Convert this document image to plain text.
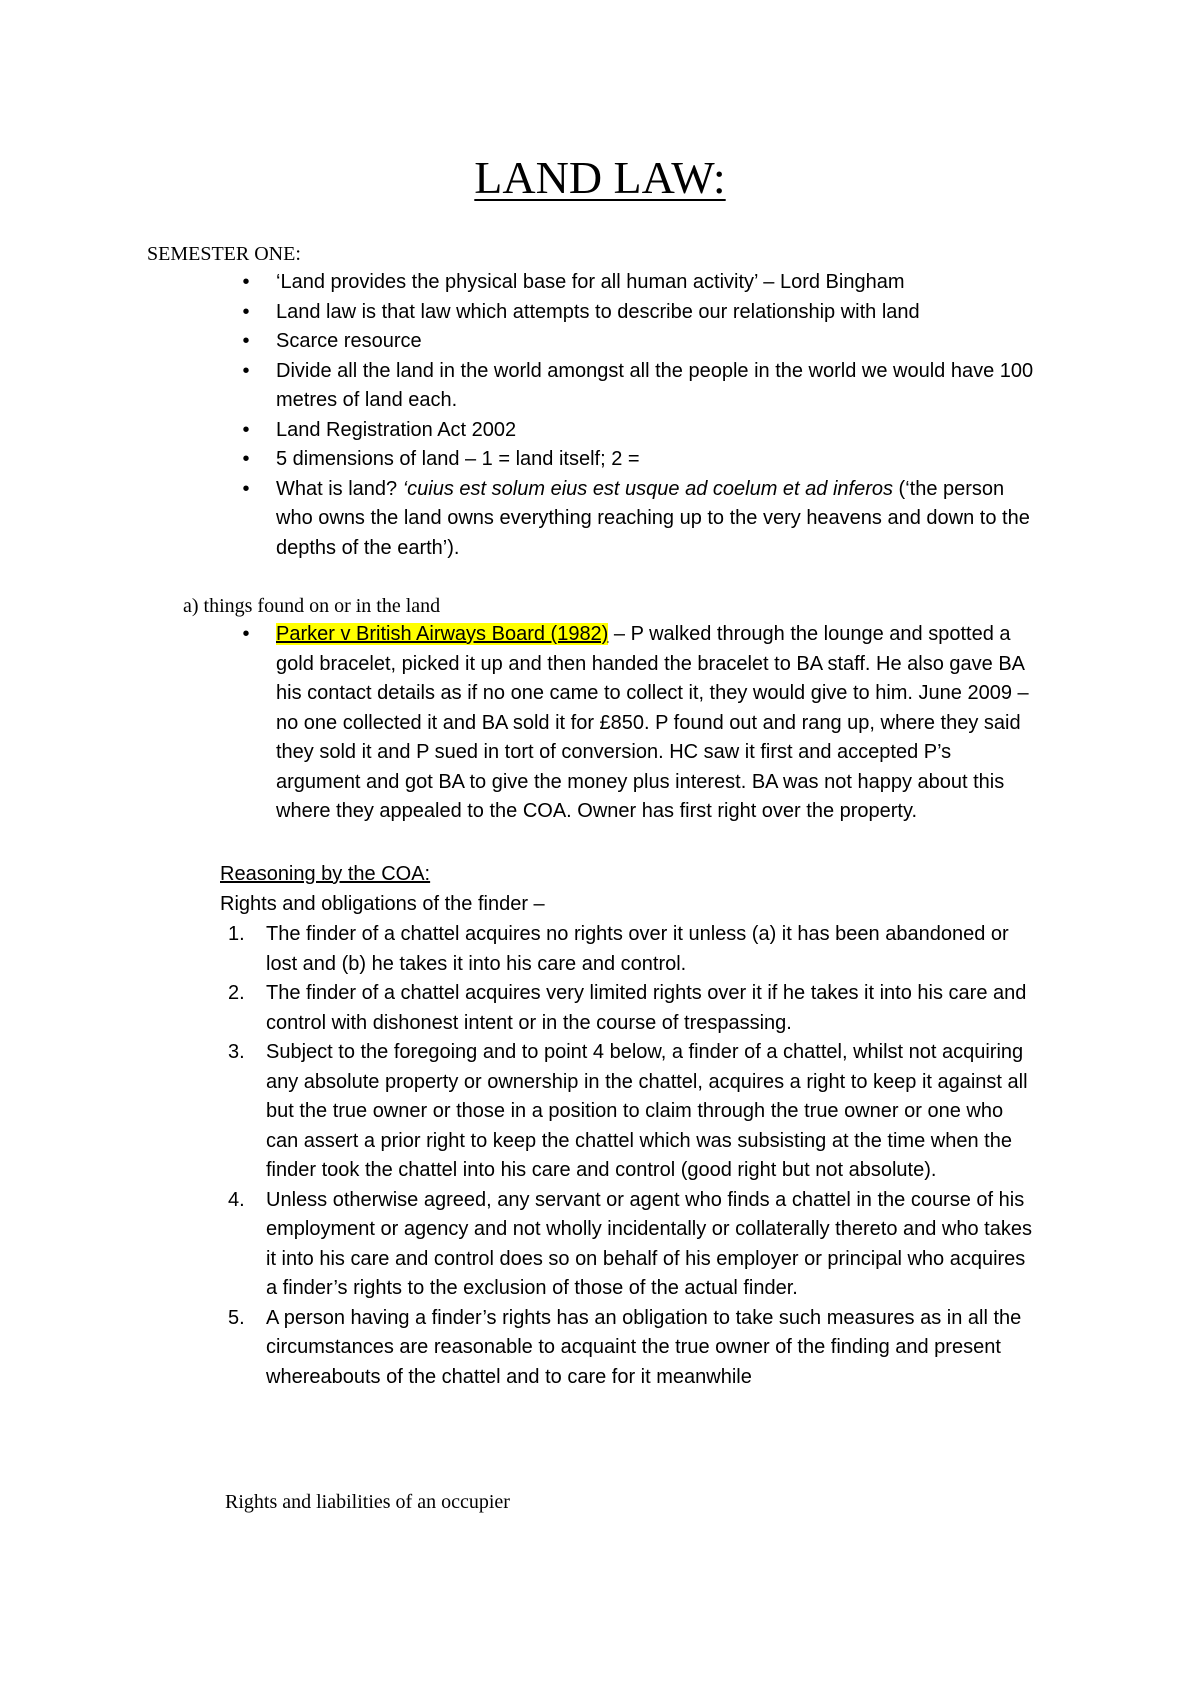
LAND LAW:
SEMESTER ONE:
•	‘Land provides the physical base for all human activity’ – Lord Bingham
•	Land law is that law which attempts to describe our relationship with land
•	Scarce resource
•	Divide all the land in the world amongst all the people in the world we would have 100 metres of land each.
•	Land Registration Act 2002
•	5 dimensions of land – 1 = land itself; 2 =
•	What is land? ‘cuius est solum eius est usque ad coelum et ad inferos (‘the person who owns the land owns everything reaching up to the very heavens and down to the depths of the earth’).
a) things found on or in the land
•	Parker v British Airways Board (1982) – P walked through the lounge and spotted a gold bracelet, picked it up and then handed the bracelet to BA staff. He also gave BA his contact details as if no one came to collect it, they would give to him. June 2009 – no one collected it and BA sold it for £850. P found out and rang up, where they said they sold it and P sued in tort of conversion. HC saw it first and accepted P’s argument and got BA to give the money plus interest. BA was not happy about this where they appealed to the COA. Owner has first right over the property.
Reasoning by the COA:
Rights and obligations of the finder –
1. The finder of a chattel acquires no rights over it unless (a) it has been abandoned or lost and (b) he takes it into his care and control.
2. The finder of a chattel acquires very limited rights over it if he takes it into his care and control with dishonest intent or in the course of trespassing.
3. Subject to the foregoing and to point 4 below, a finder of a chattel, whilst not acquiring any absolute property or ownership in the chattel, acquires a right to keep it against all but the true owner or those in a position to claim through the true owner or one who can assert a prior right to keep the chattel which was subsisting at the time when the finder took the chattel into his care and control (good right but not absolute).
4. Unless otherwise agreed, any servant or agent who finds a chattel in the course of his employment or agency and not wholly incidentally or collaterally thereto and who takes it into his care and control does so on behalf of his employer or principal who acquires a finder’s rights to the exclusion of those of the actual finder.
5. A person having a finder’s rights has an obligation to take such measures as in all the circumstances are reasonable to acquaint the true owner of the finding and present whereabouts of the chattel and to care for it meanwhile
Rights and liabilities of an occupier
